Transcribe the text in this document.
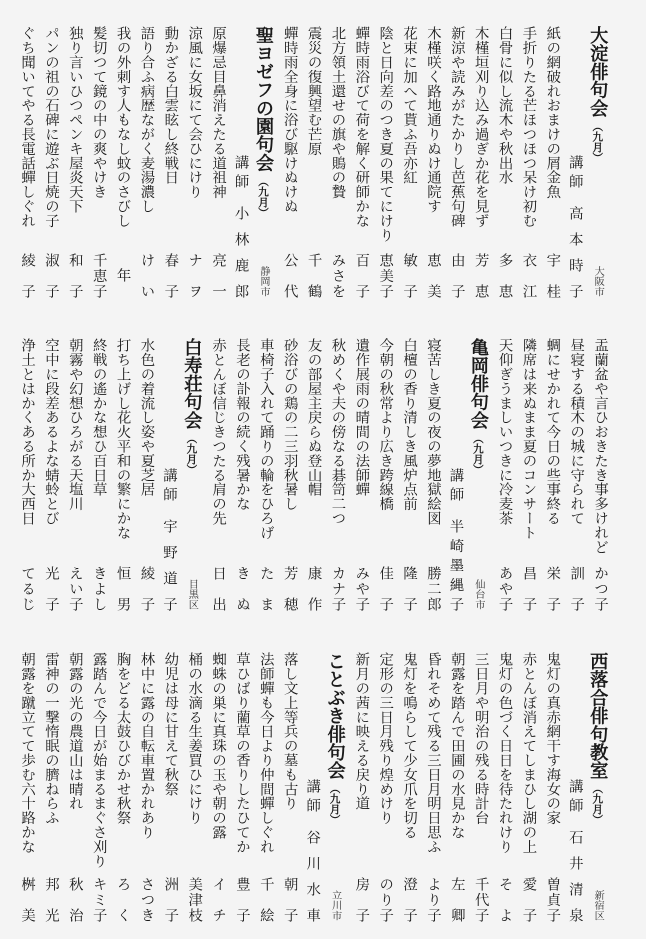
大淀俳句会（九月）
大阪市
講師
高本時子
紙の網破れおまけの屑金魚
宇桂
手折りたる芒ほつほつ呆け初む
衣江
白骨に似し流木や秋出水
多恵
木槿垣刈り込み過ぎか花を見ず
芳恵
新涼や読みがたかりし芭蕉句碑
由子
木槿咲く路地通りぬけ通院す
恵美
花束に加へて貰ふ吾亦紅
敏子
陰と日向差のつき夏の果てにけり
恵美子
蟬時雨浴びて荷を解く研師かな
百子
北方領土還せの旗や鵙の贄
みさを
震災の復興望む芒原
千鶴
蟬時雨全身に浴び駆けぬけぬ
公代
聖ヨゼフの園句会（九月）
静岡市
講師
小林鹿郎
原爆忌目鼻消えたる道祖神
亮一
涼風に女坂にて会ひにけり
ナヲ
動かざる白雲眩し終戦日
春子
語り合ふ病歴ながく麦湯濃し
けい
我の外刺す人もなし蚊のさびし
年
髪切つて鏡の中の爽やけき
千恵子
独り言いひつペンキ屋炎天下
和子
パンの祖の石碑に遊ぶ日焼の子
淑子
ぐち聞いてやる長電話蟬しぐれ
綾子
盂蘭盆や言ひおきたき事多けれど
かつ子
昼寝する積木の城に守られて
訓子
蜩にせかれて今日の些事終る
栄子
隣席は来ぬまま夏のコンサート
昌子
天仰ぎうましいつきに冷麦茶
あや子
亀岡俳句会（九月）
仙台市
講師
半崎墨縄子
寝苦しき夏の夜の夢地獄絵図
勝二郎
白檀の香り清しき風炉点前
隆子
今朝の秋常より広き跨線橋
佳子
遺作展雨の晴間の法師蟬
みや子
秋めくや夫の傍なる碁笥二つ
カナ子
友の部屋主戻らぬ登山帽
康作
砂浴びの鶏の二三羽秋暑し
芳穂
車椅子入れて踊りの輪をひろげ
たま
長老の訃報の続く残暑かな
きぬ
赤とんぼ信じきつたる肩の先
日出
白寿荘句会（九月）
目黒区
講師
宇野道子
水色の着流し姿や夏芝居
綾子
打ち上げし花火平和の繁にかな
恒男
終戦の遙かな想ひ百日草
きよし
朝霧や幻想ひろがる天塩川
えい子
空中に段差あるよな蜻蛉とび
光子
浄土とはかくある所か大西日
てるじ
西落合俳句教室（九月）
新宿区
講師
石井清泉
鬼灯の真赤網干す海女の家
曽貞子
赤とんぼ消えてしまひし湖の上
愛子
鬼灯の色づく日日を待たれけり
そよ
三日月や明治の残る時計台
千代子
朝露を踏んで田圃の水見かな
左卿
昏れそめて残る三日月明日思ふ
より子
鬼灯を鳴らして少女爪を切る
澄子
定形の三日月残り煌めけり
のり子
新月の茜に映える戻り道
房子
ことぶき俳句会（九月）
立川市
講師
谷川水車
落し文上等兵の墓も古り
朝子
法師蟬も今日より仲間蟬しぐれ
千絵
草ひばり藺草の香りしたひてか
豊子
蜘蛛の巣に真珠の玉や朝の露
イチ
桶の水滴る生姜買ひにけり
美津枝
幼児は母に甘えて秋祭
洲子
林中に露の自転車置かれあり
さつき
胸をどる太鼓ひびかせ秋祭
ろく
露踏んで今日が始まるまぐさ刈り
キミ子
朝露の光の農道山は晴れ
秋治
雷神の一撃惰眠の臍ねらふ
邦光
朝露を蹴立てて歩む六十路かな
桝美
